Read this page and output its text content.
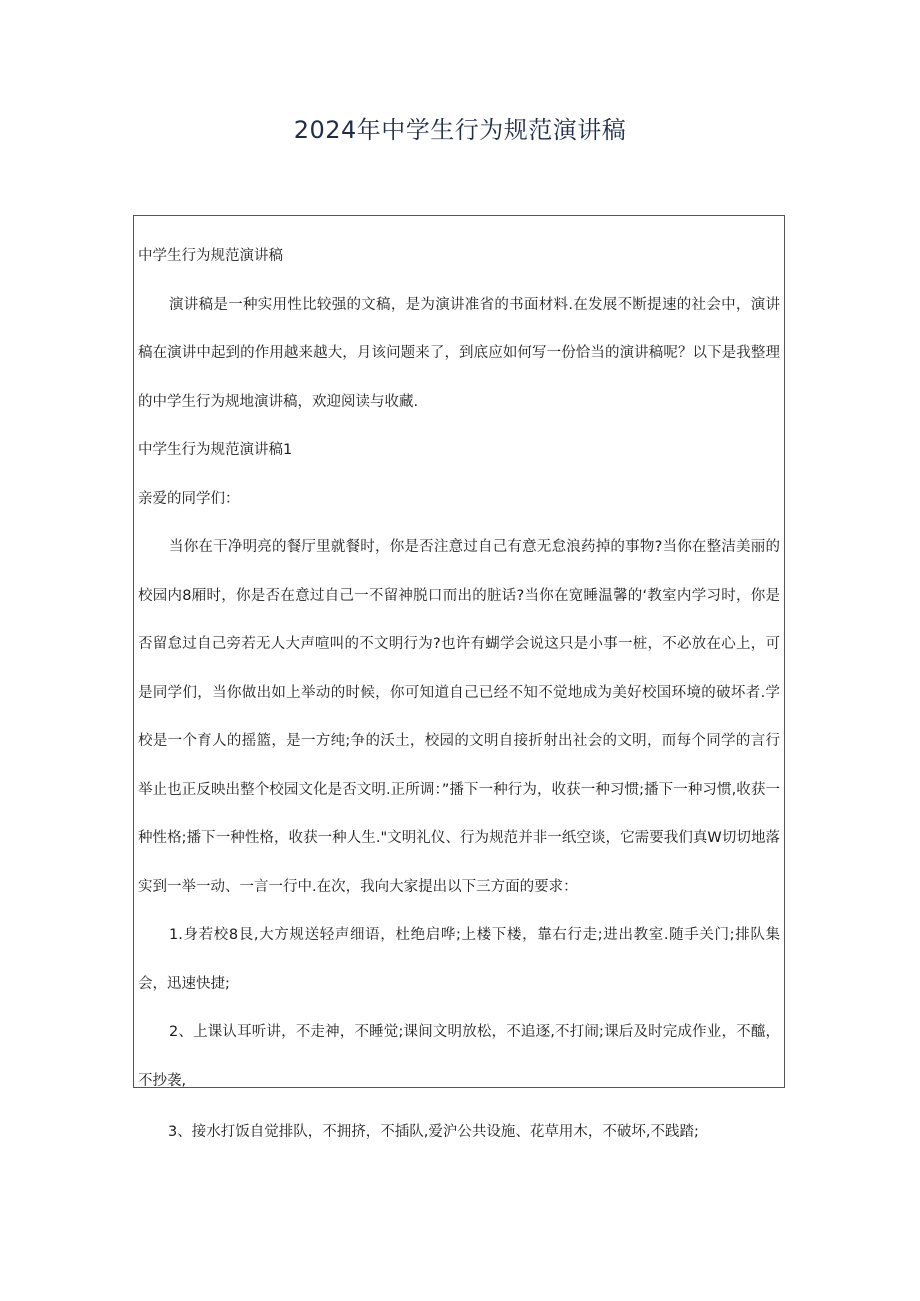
2024年中学生行为规范演讲稿

中学生行为规范演讲稿

演讲稿是一种实用性比较强的文稿，是为演讲准省的书面材料.在发展不断提速的社会中，演讲稿在演讲中起到的作用越来越大，月该问题来了，到底应如何写一份恰当的演讲稿呢？以下是我整理的中学生行为规地演讲稿，欢迎阅读与收藏.

中学生行为规范演讲稿1

亲爱的同学们：

当你在干净明亮的餐厅里就餐时，你是否注意过自己有意无怠浪药掉的事物?当你在整洁美丽的校园内8厢时，你是否在意过自己一不留神脱口而出的脏话?当你在宽睡温馨的‘教室内学习时，你是否留怠过自己旁若无人大声喧叫的不文明行为?也许有蝴学会说这只是小事一桩，不必放在心上，可是同学们，当你做出如上举动的时候，你可知道自己已经不知不觉地成为美好校国环境的破坏者.学校是一个育人的摇篮，是一方纯;争的沃土，校园的文明自接折射出社会的文明，而每个同学的言行举止也正反映出整个校园文化是否文明.正所调：”播下一种行为，收获一种习惯;播下一种习惯,收获一种性格;播下一种性格，收获一种人生."文明礼仪、行为规范并非一纸空谈，它需要我们真W切切地落实到一举一动、一言一行中.在次，我向大家提出以下三方面的要求：

1.身若校8艮,大方规送轻声细语，杜绝启哗;上楼下楼，靠右行走;进出教室.随手关门;排队集会，迅速快捷;

2、上课认耳听讲，不走神，不睡觉;课间文明放松，不追逐,不打闹;课后及时完成作业，不醯，不抄袭,

3、接水打饭自觉排队，不拥挤，不插队,爱沪公共设施、花草用木，不破坏,不践踏;
